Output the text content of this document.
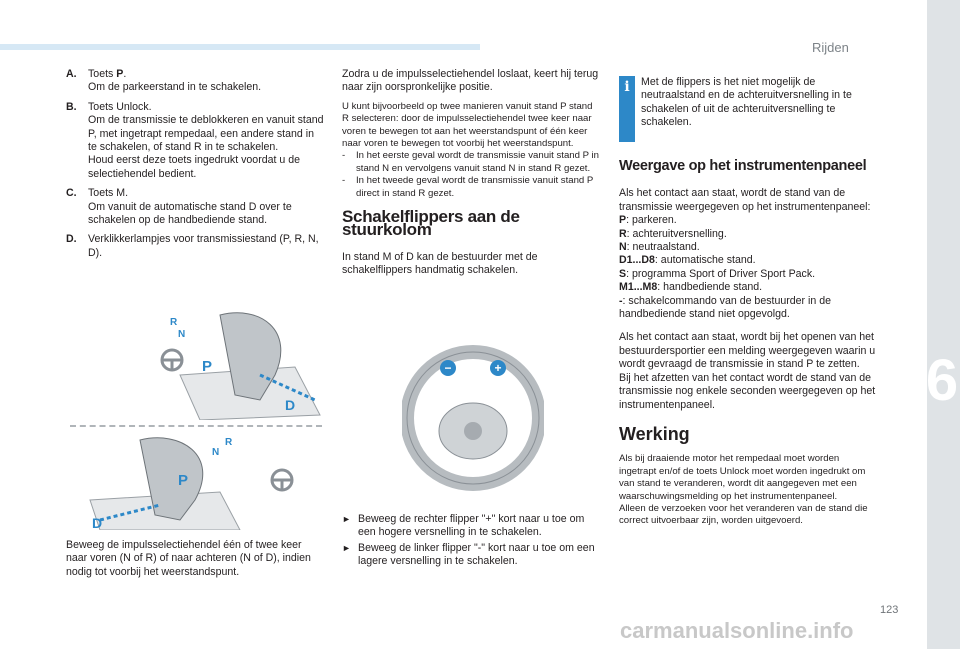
Rijden
6
123
carmanualsonline.info
A.	Toets P.
Om de parkeerstand in te schakelen.
B.	Toets Unlock.
Om de transmissie te deblokkeren en vanuit stand P, met ingetrapt rempedaal, een andere stand in te schakelen, of stand R in te schakelen.
Houd eerst deze toets ingedrukt voordat u de selectiehendel bedient.
C.	Toets M.
Om vanuit de automatische stand D over te schakelen op de handbediende stand.
D.	Verklikkerlampjes voor transmissiestand (P, R, N, D).
P
D
R
N
P
D
R
N
Beweeg de impulsselectiehendel één of twee keer naar voren (N of R) of naar achteren (N of D), indien nodig tot voorbij het weerstandspunt.

Zodra u de impulsselectiehendel loslaat, keert hij terug naar zijn oorspronkelijke positie.

U kunt bijvoorbeeld op twee manieren vanuit stand P stand R selecteren: door de impulsselectiehendel twee keer naar voren te bewegen tot aan het weerstandspunt of één keer naar voren te bewegen tot voorbij het weerstandspunt.
-	In het eerste geval wordt de transmissie vanuit stand P in stand N en vervolgens vanuit stand N in stand R gezet.
-	In het tweede geval wordt de transmissie vanuit stand P direct in stand R gezet.
Schakelflippers aan de stuurkolom

In stand M of D kan de bestuurder met de schakelflippers handmatig schakelen.

−	+
► Beweeg de rechter flipper "+" kort naar u toe om een hogere versnelling in te schakelen.
► Beweeg de linker flipper "-" kort naar u toe om een lagere versnelling in te schakelen.
i	Met de flippers is het niet mogelijk de neutraalstand en de achteruitversnelling in te schakelen of uit de achteruitversnelling te schakelen.
Weergave op het instrumentenpaneel

Als het contact aan staat, wordt de stand van de transmissie weergegeven op het instrumentenpaneel:

P: parkeren.
R: achteruitversnelling.
N: neutraalstand.
D1...D8: automatische stand.
S: programma Sport of Driver Sport Pack.
M1...M8: handbediende stand.
-: schakelcommando van de bestuurder in de handbediende stand niet opgevolgd.

Als het contact aan staat, wordt bij het openen van het bestuurdersportier een melding weergegeven waarin u wordt gevraagd de transmissie in stand P te zetten.
Bij het afzetten van het contact wordt de stand van de transmissie nog enkele seconden weergegeven op het instrumentenpaneel.

Werking
Als bij draaiende motor het rempedaal moet worden ingetrapt en/of de toets Unlock moet worden ingedrukt om van stand te veranderen, wordt dit aangegeven met een waarschuwingsmelding op het instrumentenpaneel.
Alleen de verzoeken voor het veranderen van de stand die correct uitvoerbaar zijn, worden uitgevoerd.
